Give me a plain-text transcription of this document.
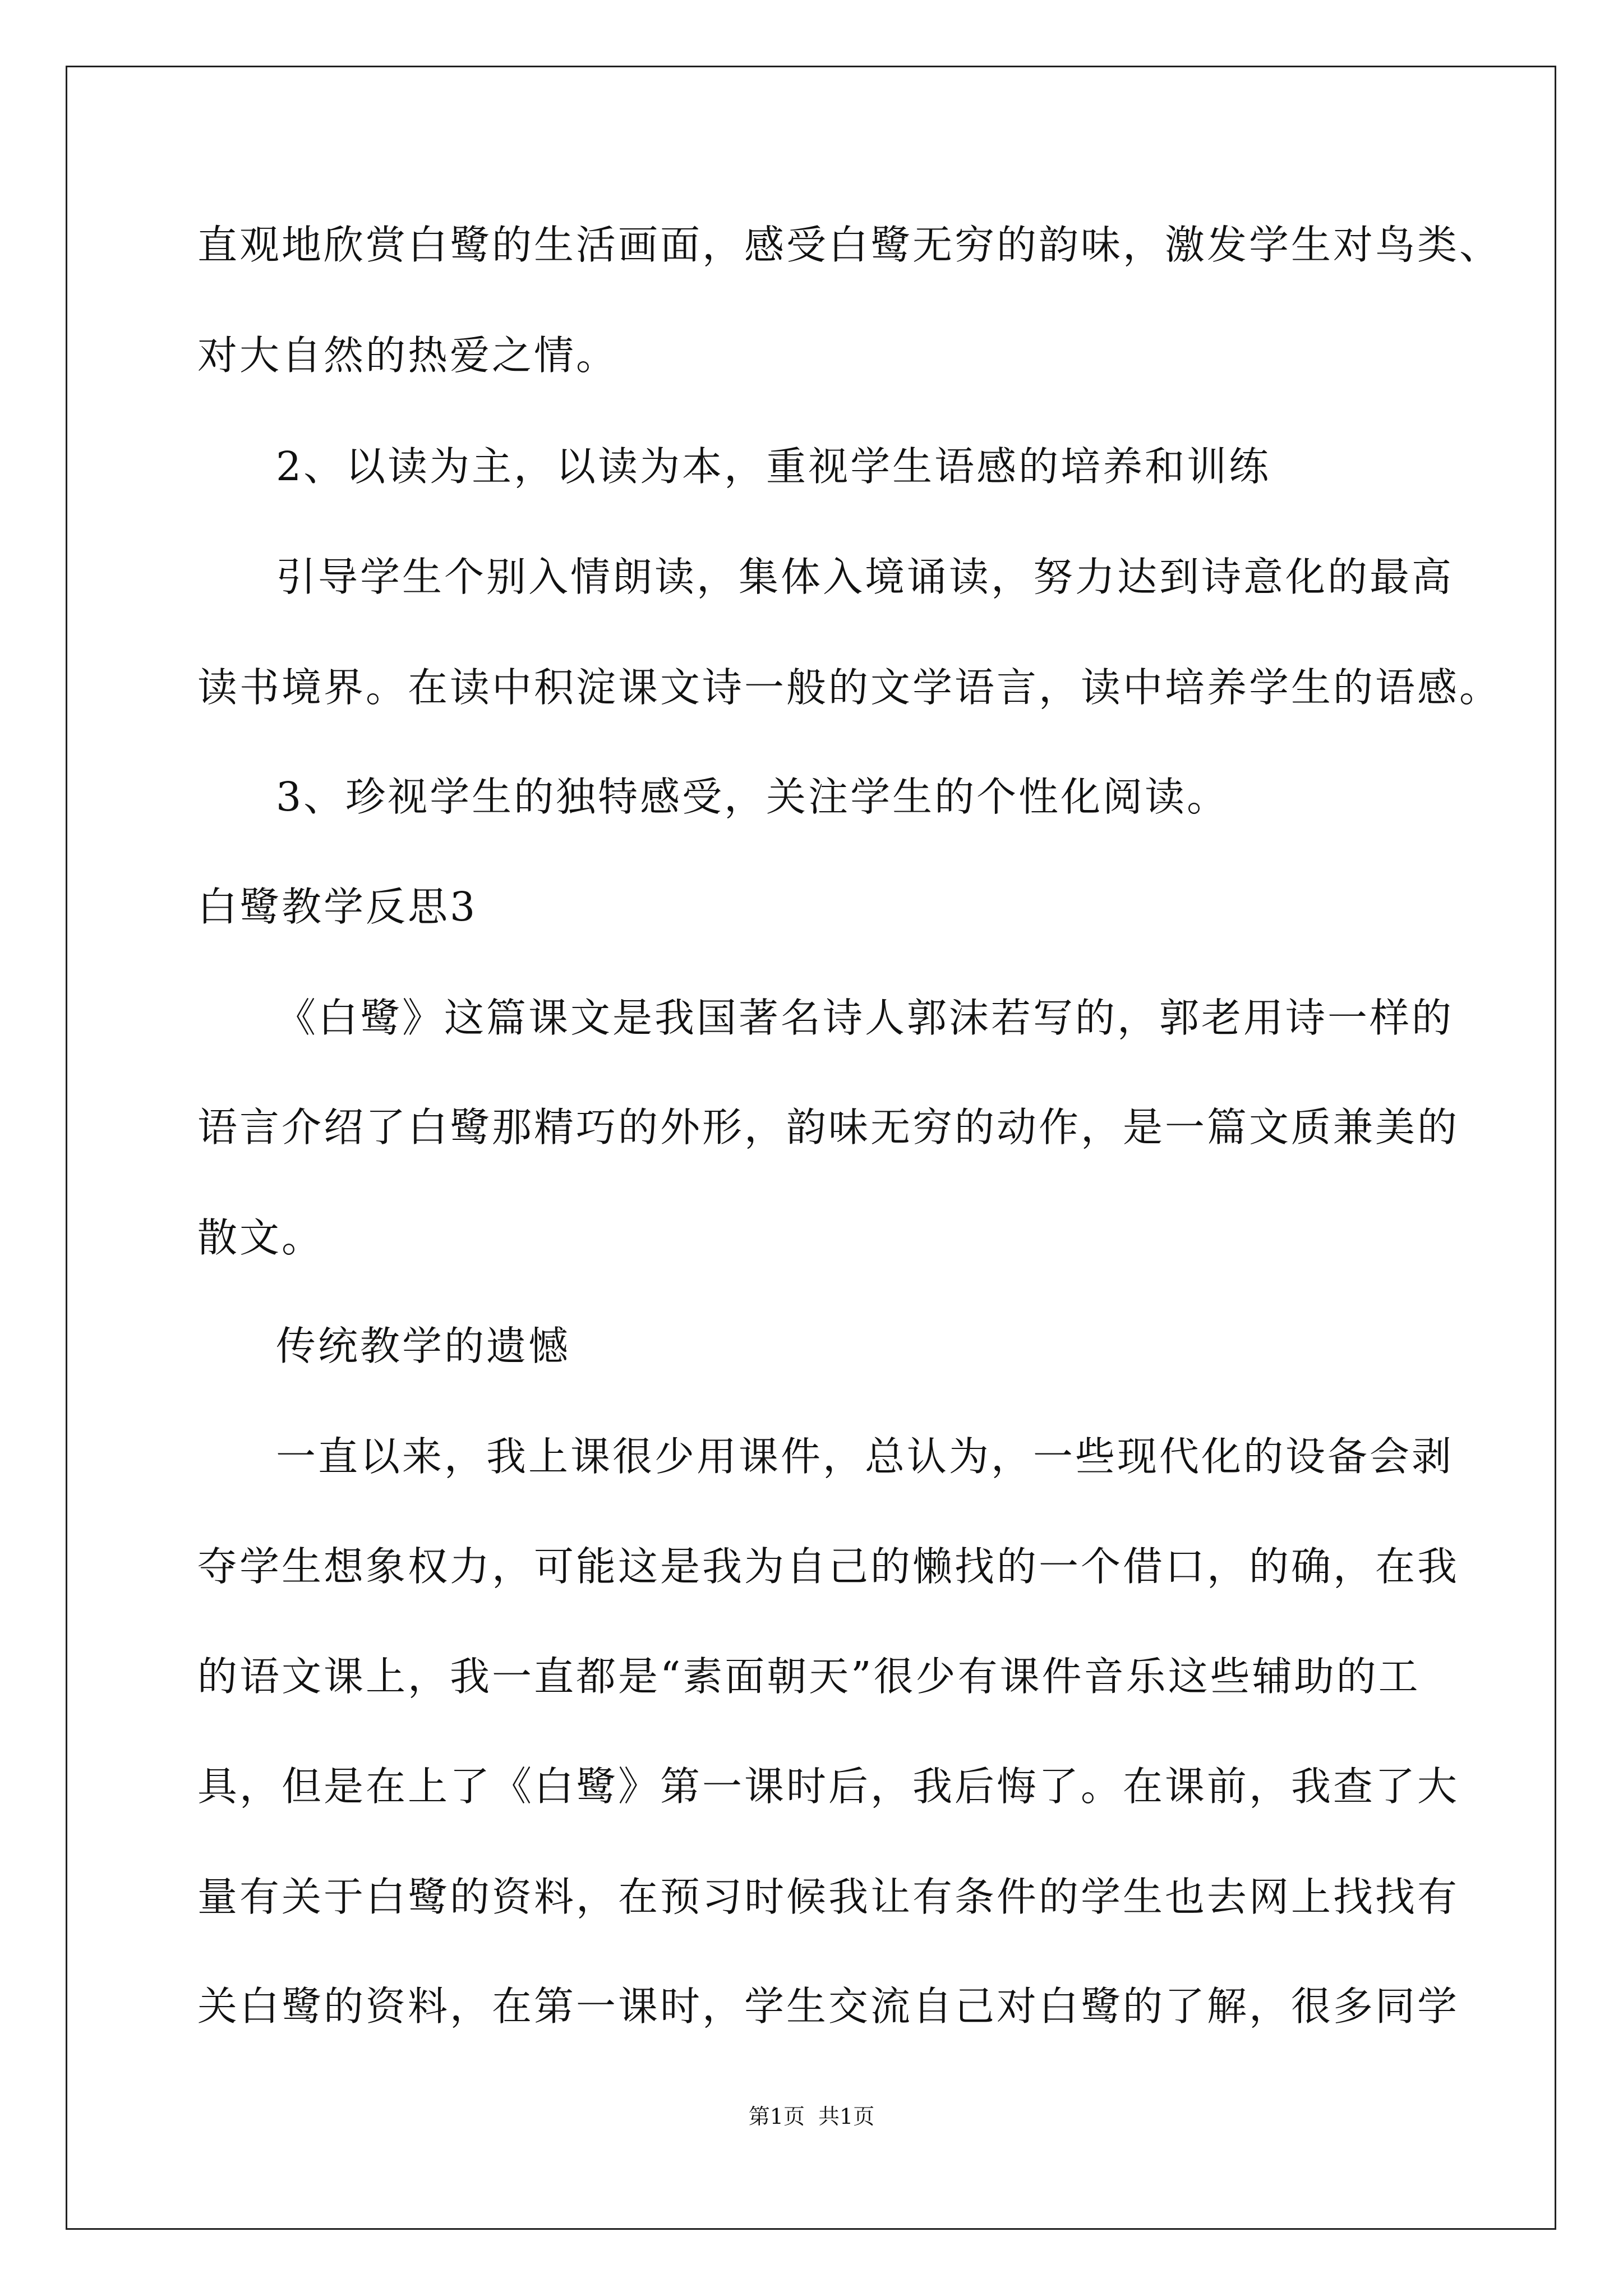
直观地欣赏白鹭的生活画面，感受白鹭无穷的韵味，激发学生对鸟类、
对大自然的热爱之情。
2、以读为主，以读为本，重视学生语感的培养和训练
引导学生个别入情朗读，集体入境诵读，努力达到诗意化的最高
读书境界。在读中积淀课文诗一般的文学语言，读中培养学生的语感。
3、珍视学生的独特感受，关注学生的个性化阅读。
白鹭教学反思3
《白鹭》这篇课文是我国著名诗人郭沫若写的，郭老用诗一样的
语言介绍了白鹭那精巧的外形，韵味无穷的动作，是一篇文质兼美的
散文。
传统教学的遗憾
一直以来，我上课很少用课件，总认为，一些现代化的设备会剥
夺学生想象权力，可能这是我为自己的懒找的一个借口，的确，在我
的语文课上，我一直都是“素面朝天”很少有课件音乐这些辅助的工
具，但是在上了《白鹭》第一课时后，我后悔了。在课前，我查了大
量有关于白鹭的资料，在预习时候我让有条件的学生也去网上找找有
关白鹭的资料，在第一课时，学生交流自己对白鹭的了解，很多同学
第1页 共1页
